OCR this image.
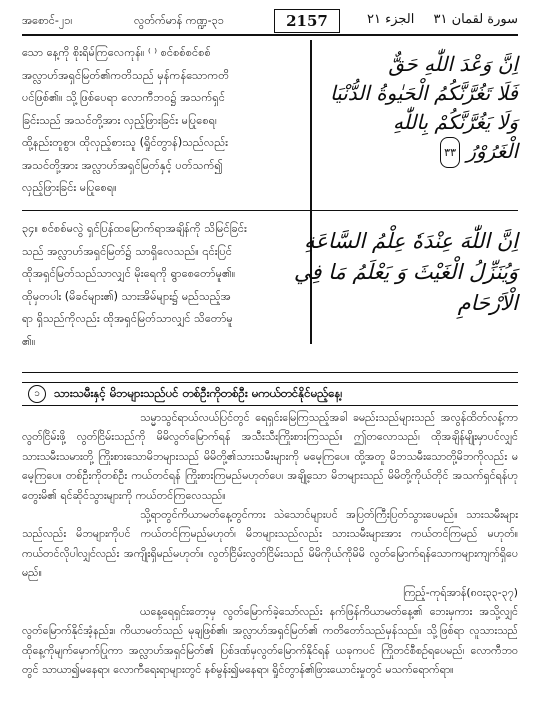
အစောင်-၂၁၊	လွတ်က်မာန် ကဏ္ဍ-၃၁	2157	الجزء ٢١ سورة لقمان ٣١

သော နေ့ကို စိုးရိမ်ကြလေကုန်။ ⁽ ⁾ စင်စစ်စင်စစ်

အလ္လာဟ်အရှင်မြတ်၏ကတိသည် မှန်ကန်သောကတိ

ပင်ဖြစ်၏။ သို့ဖြစ်ပေရာ လောကီဘဝ၌ အသက်ရှင်

ခြင်းသည် အသင်တို့အား လှည့်ဖြားခြင်း မပြုစေရ၊

ထို့နည်းတူစွာ၊ ထိုလှည့်စားသူ (ရှိုင်တွာန်)သည်လည်း

အသင်တို့အား အလ္လာဟ်အရှင်မြတ်နှင့် ပတ်သက်၍

လှည့်ဖြားခြင်း မပြုစေရ။

اِنَّ وَعْدَ اللّٰهِ حَقٌّ
فَلَا تَغُرَّنَّكُمُ الْحَيٰوةُ الدُّنْيَا
وَلَا يَغُرَّنَّكُمْ بِاللّٰهِ
الْغَرُوْرُ ٣٣

၃၄။ စင်စစ်မလွဲ ရှင်ပြန်ထမြောက်ရာအချိန်ကို သိမြင်ခြင်း

သည် အလ္လာဟ်အရှင်မြတ်၌ သာရှိလေသည်။ ၎င်းပြင်

ထိုအရှင်မြတ်သည်သာလျှင် မိုးရေကို ရွာစေတော်မူ၏။

ထိုမှတပါး (မိခင်များ၏) သားအိမ်များ၌ မည်သည့်အ

ရာ ရှိသည်ကိုလည်း ထိုအရှင်မြတ်သာလျှင် သိတော်မူ

၏။

اِنَّ اللّٰهَ عِنْدَهٗ عِلْمُ السَّاعَةِ
وَيُنَزِّلُ الْغَيْثَ وَ يَعْلَمُ مَا فِي
الْاَرْحَامِ
၁	သားသမီးနှင့် မိဘများသည်ပင် တစ်ဦးကိုတစ်ဦး မကယ်တင်နိုင်မည့်နေ့၊

သမ္မာသွင်ရာယ်လယ်ပြင်တွင် ရေရှင်းမြေကြသည့်အခါ ခမည်းသည်များသည် အလွန်ထိတ်လန့်ကာ လွတ်ငြိမ်းဖို့ လွတ်ငြိမ်းသည်ကို မိမိလွတ်မြောက်ရန် အသီးသီးကြိုးစားကြသည်။ ဤတလောသည်၊ ထိုအချိန်မျိုးမှာပင်လျှင် သားသမီးသမားတို့ ကြိုးစားသောမိဘများသည် မိမိတို့၏သားသမီးများကို မမေ့ကြပေ။ ထို့အတူ မိဘသမီးသောတို့မိဘကိုလည်း မမေ့ကြပေ။ တစ်ဦးကိုတစ်ဦး ကယ်တင်ရန် ကြိုးစားကြမည်မဟုတ်ပေ၊ အချို့သော မိဘများသည် မိမိတို့ကိုယ်တိုင် အသက်ရှင်ရန်ဟု တွေးမိ၏ ရင်ဆိုင်သွားများကို ကယ်တင်ကြလေသည်။

သို့ရာတွင်ကိယာမတ်နေ့တွင်ကား သဲသောင်များပင် အပြတ်ကြီးပြတ်သွားပေမည်။ သားသမီးများ သည်လည်း မိဘများကိုပင် ကယ်တင်ကြမည်မဟုတ်၊ မိဘများသည်လည်း သားသမီးများအား ကယ်တင်ကြမည် မဟုတ်။ ကယ်တင်လိုပါလျှင်လည်း အကျိုးရှိမည်မဟုတ်။ လွတ်ငြိမ်းလွတ်ငြိမ်းသည် မိမိကိုယ်ကိုမိမိ လွတ်မြောက်ရန်သောကများကျက်ရှိပေမည်။

ကြည့်-ကုရ်အာန်(၈၀း၃၃-၃၇)

ယနေ့ရေရှင်းတော့မှ လွတ်မြောက်ခဲ့သော်လည်း နက်ဖြန်ကိယာမတ်နေ့၏ ဘေးမှကား အသို့လျှင် လွတ်မြောက်နိုင်အံ့နည်း။ ကိယာမတ်သည် မုချဖြစ်၏၊ အလ္လာဟ်အရှင်မြတ်၏ ကတိတော်သည်မှန်သည်။ သို့ဖြစ်ရာ လူသားသည် ထိုနေ့ကိုမျက်မှောက်ပြုကာ အလ္လာဟ်အရှင်မြတ်၏ ပြစ်ဒဏ်မှလွတ်မြောက်နိုင်ရန် ယခုကပင် ကြိုတင်စီစဉ်ရပေမည်၊ လောကီဘဝတွင် သာယာ၍မနေရာ၊ လောကီရေးရာများတွင် နစ်မွန်း၍မနေရာ၊ ရှိုင်တွာန်၏ဖြားယောင်းမှုတွင် မသက်ရောက်ရာ။
